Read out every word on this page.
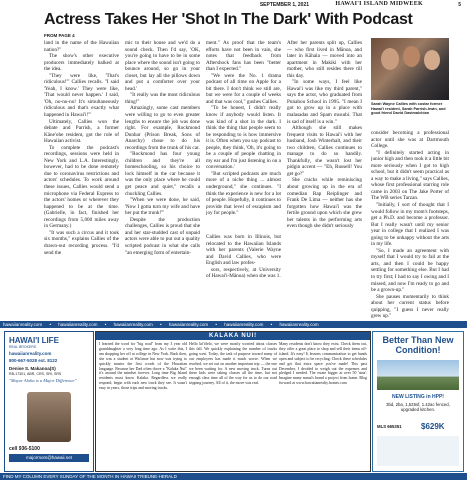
SEPTEMBER 1, 2021	HAWAI'I ISLAND MIDWEEK	5
Actress Takes Her 'Shot In The Dark' With Podcast
FROM PAGE 4

land in the name of the Hawaiian nation?"

The show's other executive producers immediately balked at the idea.

"They were like, 'That's ridiculous!'" Callies recalls. "I said 'Yeah, I know.' They were like, 'That would never happen.' I said, 'Oh, no-no-no! It's simultaneously ridiculous and that's exactly what happened in Hawai'i!'"

Ultimately, Callies won the debate and Parrish, a former Kāne'ohe resident, got the role of Hawaiian activist.

To complete the podcast's recordings, sessions were held in New York and L.A. Interestingly, however, had to be done remotely due to coronavirus restrictions and actors' schedules. To work around these issues, Callies would send a microphone via Federal Express to the actors' homes or wherever they happened to be at the time. (Gabrielle, in fact, finished her recordings from 5,000 miles away in Germany.)

"It was such a circus and it took six months," explains Callies of the drawn-out recording process. "I'd send the

mic to their house and we'd do a sound check. Then I'd say, 'OK, you're going to have to be in some place where the sound isn't going to bounce around, so go in your closet, but lay all the pillows down and put a comforter over your head.'

"It really was the most ridiculous thing!"

Amazingly, some cast members were willing to go to even greater lengths to ensure the job was done right. For example, Rockmond Dunbar (Prison Break, Sons of Anarchy) chose to do his recordings from the trunk of his car.

"Rockmond has four young children and they're all homeschooling, so his choice to lock himself in the car because it was the only place where he could get peace and quiet," recalls a chuckling Callies.

"When we were done, he said, 'Now I gotta turn my wife and have her put the trunk!'"

Despite the production challenges, Callies is proud that she and her star-studded cast of unpaid actors were able to put out a quality scripted podcast in what she calls "an emerging form of entertain-

ment." As proof that the team's efforts have not been in vain, she notes that feedback from Aftershock fans has been "better than I expected."

"We were the No. 1 drama podcast of all time on Apple for a bit there. I don't think we still are, but we were for a couple of weeks and that was cool," gushes Callies.

"To be honest, I didn't really know if anybody would listen. It was kind of a shot in the dark. I think the thing that people seem to be responding to is how immersive it is. Often when you say podcast to people, they think, 'Oh, it's going to be a couple of people chatting in my ear and I'm just listening in on a conversation.'

"But scripted podcasts are much more of a niche thing ... almost underground," she continues. "I think the experience is new for a lot of people. Hopefully, it continues to provide that level of escapism and joy for people."

Callies was born in Illinois, but relocated to the Hawaiian Islands with her parents (Valerie Wayne and David Callies, who were English and law profes-

sors, respectively, at University of Hawai'i-Mānoa) when she was 1.

After her parents split up, Callies — who first lived in Mānoa, and later in Kāhala — moved into an apartment in Makiki with her mother, who still resides there till this day.

"In some ways, I feel like Hawai'i was like my third parent," says the actor, who graduated from Punahou School in 1995. "I mean I got to grow up in a place with malasadas and Spam musubi. That is sad of itself is a win."

Although she still makes frequent visits to Hawai'i with her husband, Josh Winterhalt, and their two children, Callies continues to manage to do so handily. Thankfully, she wasn't lost her pidgin accent — "Eh, Russell! You get go?"

She cracks while reminiscing about growing up in the era of comedian Rap Reiplinger and Frank De Lima — neither has she forgotten how Hawai'i was the fertile ground upon which she grew her talents in the performing arts even though she didn't seriously

Sarah Wayne Callies with costar former Hawai'i resident, Sarah Parrish-Irwin, and good friend David Dastmalchian

consider becoming a professional actor until she was at Dartmouth College.

"I definitely started acting in junior high and then took it a little bit more seriously when I got to high school, but it didn't seem practical as a way to make a living," says Callies, whose first professional starring role came in 2003 on The Jake Porter of The WB series Tarzan.

"Initially, I sort of thought that I would follow in my mom's footsteps, get a Ph.D. and become a professor. But I really wasn't until my senior year in college that I realized I was going to be unhappy without the arts in my life.

"So, I made an agreement with myself that I would try to fail at the arts, and then I could be happy settling for something else. But I had to try first; I had to say I owing and I missed, and now I'm ready to go and be a grown-up."

She pauses momentarily to think about her current status before quipping, "I guess I never really grew up."

hawaiianreality.com • hawaiianreality.com • hawaiianreality.com • hawaiianreality.com • hawaiianreality.com • hawaiianreality.com
HAWAI'I LIFE
REAL BROKERS
hawaiianreality.com
800-667-5028 ext. 8122
Denise S. Makanoa(S)
RB-17301, ABR, CRS, SRI, SRS
"Mayor Aloha is a Major Difference"
cell 936-5100
majormom@hawaii.net
KALAKA NUI!
I learned the word for "big road" from my 3 year old granddaughter a very long time ago. As I write this, I am shopping her off at college in New York. Back then, she was a student at Wai'anae but now was trying to quickly master the first words of the Hawaiian language. Because her Dad often drove a "Kalaka Nui" it's around the mindset forever. Long time Big Island residents must know Kalaka. Regardless we really respond, begin with each new truck they see. It wasn't easy in years, those trips and moving trucks.
Hello kō'ōlelo, we were mostly worried about classes this fall. We quickly explaining the number of trucks going west. Today, the task of purpose toward many of our employees has made it much worse. When we reached, we set out on another important trip — the one we been waiting for. A new moving truck. Turns out these kids were taking classes all the time, but not enough class time all of the way for us to do our road tripping journey. All of it, the move was real.
Many residents don't know they exist. Check them out, they offer a great place to shop and sell their items off-island. It's easy! It lessons communication to get hands open and subject to be recycling. Check these schedules and get that extra space you've made! This past December, I decided to weigh out the expenses and pledged I needed. The estate bigger at over 50 'aina'. Imagine many nunui's brand a project from home. Blog forward at www.hawaiianrealty.homes.com
Better Than New Condition!
NEW LISTING in HPP!
3bd, 2ba, 1,525sf, 1.42ac fenced, upgraded kitchen.
MLS 665351 $629K
FIND MY COLUMN EVERY SUNDAY OF THE MONTH IN HAWAII TRIBUNE-HERALD
